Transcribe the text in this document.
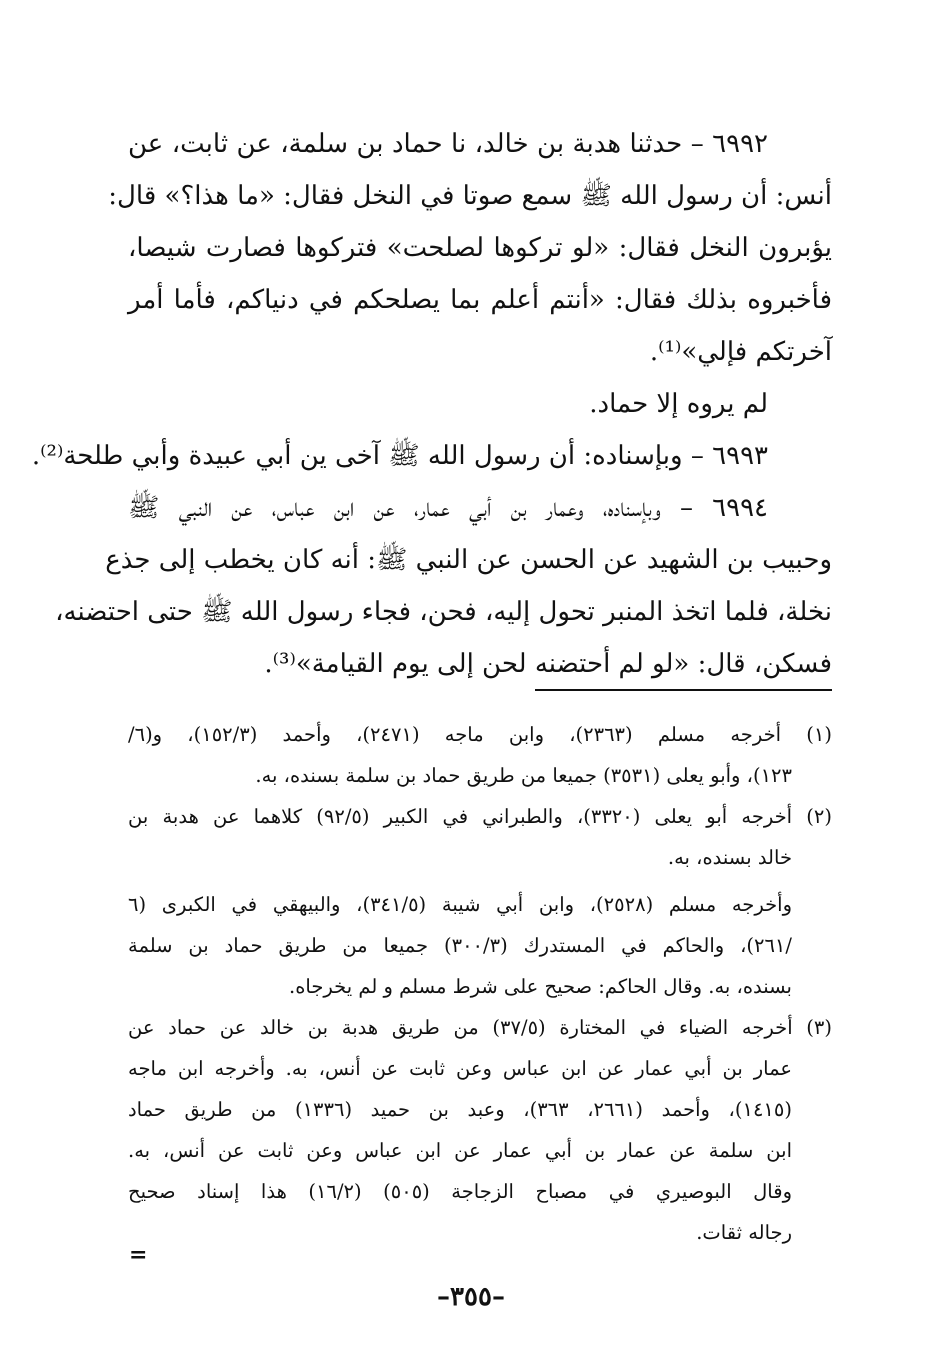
٦٩٩٢ – حدثنا هدبة بن خالد، نا حماد بن سلمة، عن ثابت، عن
أنس: أن رسول الله ﷺ سمع صوتا في النخل فقال: «ما هذا؟» قال:
يؤبرون النخل فقال: «لو تركوها لصلحت» فتركوها فصارت شيصا،
فأخبروه بذلك فقال: «أنتم أعلم بما يصلحكم في دنياكم، فأما أمر
آخرتكم فإلي»⁽¹⁾.
لم يروه إلا حماد.
٦٩٩٣ – وبإسناده: أن رسول الله ﷺ آخى ين أبي عبيدة وأبي طلحة⁽²⁾.
٦٩٩٤ – وبإسناده، وعمار بن أبي عمار، عن ابن عباس، عن النبي ﷺ
وحبيب بن الشهيد عن الحسن عن النبي ﷺ: أنه كان يخطب إلى جذع
نخلة، فلما اتخذ المنبر تحول إليه، فحن، فجاء رسول الله ﷺ حتى احتضنه،
فسكن، قال: «لو لم أحتضنه لحن إلى يوم القيامة»⁽³⁾.
(١) أخرجه مسلم (٢٣٦٣)، وابن ماجه (٢٤٧١)، وأحمد (١٥٢/٣)، و(٦/
١٢٣)، وأبو يعلى (٣٥٣١) جميعا من طريق حماد بن سلمة بسنده، به.
(٢) أخرجه أبو يعلى (٣٣٢٠)، والطبراني في الكبير (٩٢/٥) كلاهما عن هدبة بن
خالد بسنده، به.
وأخرجه مسلم (٢٥٢٨)، وابن أبي شيبة (٣٤١/٥)، والبيهقي في الكبرى (٦
/٢٦١)، والحاكم في المستدرك (٣٠٠/٣) جميعا من طريق حماد بن سلمة
بسنده، به. وقال الحاكم: صحيح على شرط مسلم و لم يخرجاه.
(٣) أخرجه الضياء في المختارة (٣٧/٥) من طريق هدبة بن خالد عن حماد عن
عمار بن أبي عمار عن ابن عباس وعن ثابت عن أنس، به. وأخرجه ابن ماجه
(١٤١٥)، وأحمد (٢٦٦١، ٣٦٣)، وعبد بن حميد (١٣٣٦) من طريق حماد
ابن سلمة عن عمار بن أبي عمار عن ابن عباس وعن ثابت عن أنس، به.
وقال البوصيري في مصباح الزجاجة (٥٠٥) (١٦/٢) هذا إسناد صحيح
رجاله ثقات.
=
–٣٥٥–
